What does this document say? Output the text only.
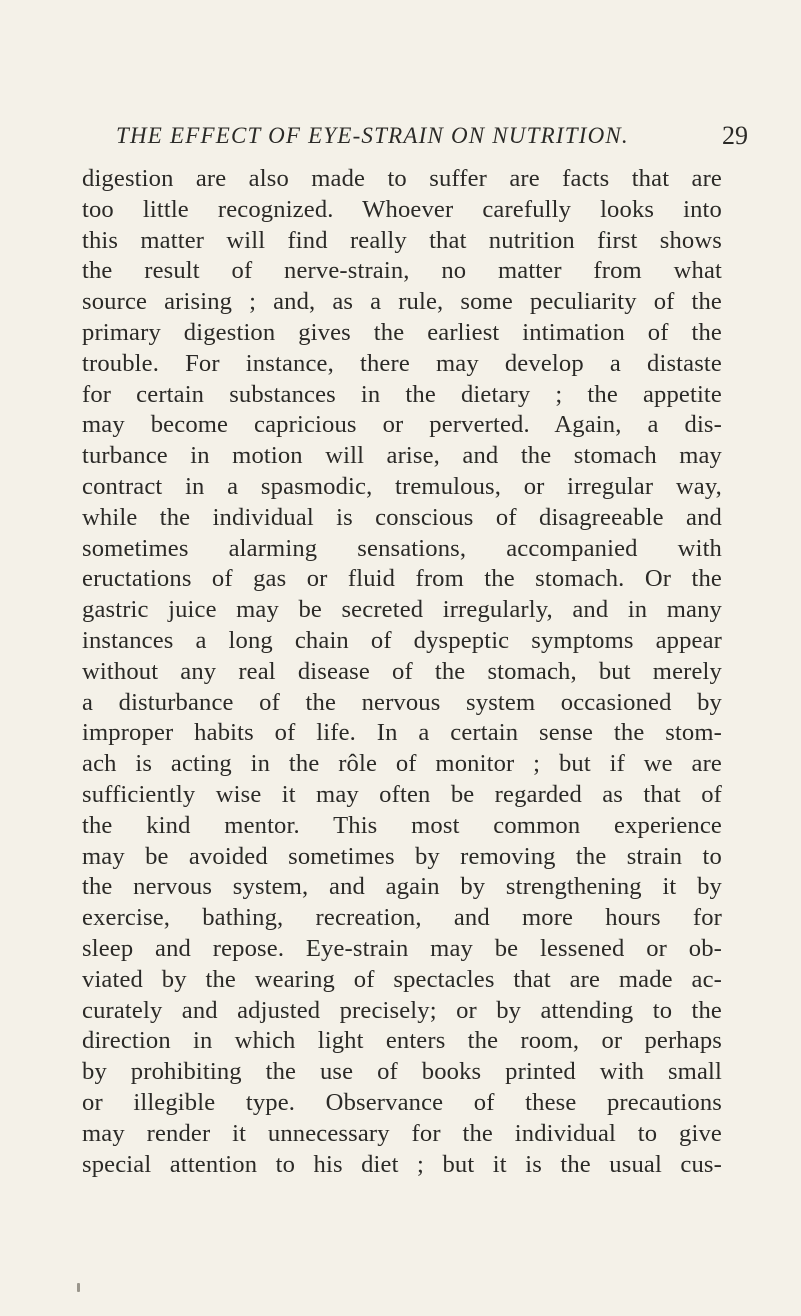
THE EFFECT OF EYE-STRAIN ON NUTRITION.	29
digestion are also made to suffer are facts that are
too little recognized. Whoever carefully looks into
this matter will find really that nutrition first shows
the result of nerve-strain, no matter from what
source arising ; and, as a rule, some peculiarity of the
primary digestion gives the earliest intimation of the
trouble. For instance, there may develop a distaste
for certain substances in the dietary ; the appetite
may become capricious or perverted. Again, a dis-
turbance in motion will arise, and the stomach may
contract in a spasmodic, tremulous, or irregular way,
while the individual is conscious of disagreeable and
sometimes alarming sensations, accompanied with
eructations of gas or fluid from the stomach. Or the
gastric juice may be secreted irregularly, and in many
instances a long chain of dyspeptic symptoms appear
without any real disease of the stomach, but merely
a disturbance of the nervous system occasioned by
improper habits of life. In a certain sense the stom-
ach is acting in the rôle of monitor ; but if we are
sufficiently wise it may often be regarded as that of
the kind mentor. This most common experience
may be avoided sometimes by removing the strain to
the nervous system, and again by strengthening it by
exercise, bathing, recreation, and more hours for
sleep and repose. Eye-strain may be lessened or ob-
viated by the wearing of spectacles that are made ac-
curately and adjusted precisely; or by attending to the
direction in which light enters the room, or perhaps
by prohibiting the use of books printed with small
or illegible type. Observance of these precautions
may render it unnecessary for the individual to give
special attention to his diet ; but it is the usual cus-
